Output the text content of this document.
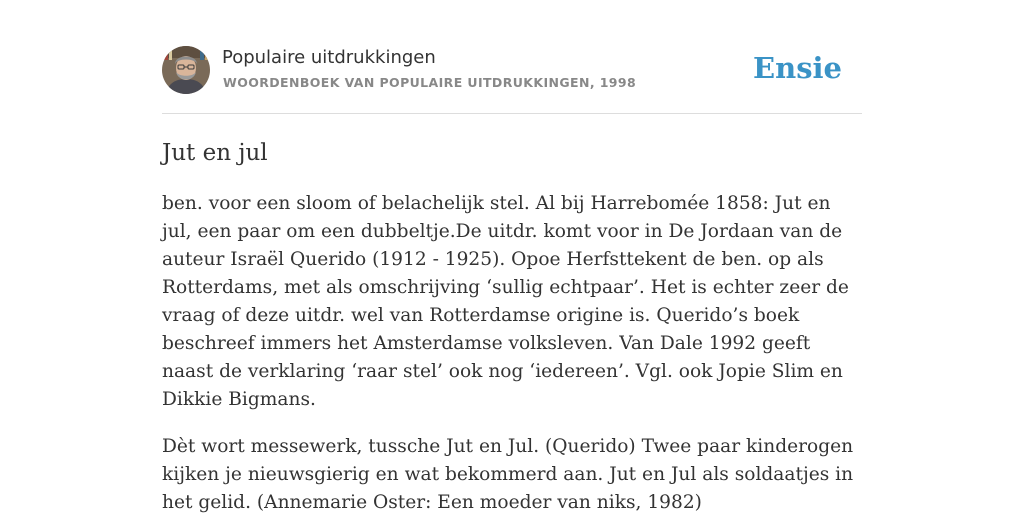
Populaire uitdrukkingen
WOORDENBOEK VAN POPULAIRE UITDRUKKINGEN, 1998	Ensie
Jut en jul

ben. voor een sloom of belachelijk stel. Al bij Harrebomée 1858: Jut en jul, een paar om een dubbeltje.De uitdr. komt voor in De Jordaan van de auteur Israël Querido (1912 - 1925). Opoe Herfsttekent de ben. op als Rotterdams, met als omschrijving ‘sullig echtpaar’. Het is echter zeer de vraag of deze uitdr. wel van Rotterdamse origine is. Querido’s boek beschreef immers het Amsterdamse volksleven. Van Dale 1992 geeft naast de verklaring ‘raar stel’ ook nog ‘iedereen’. Vgl. ook Jopie Slim en Dikkie Bigmans.

Dèt wort messewerk, tussche Jut en Jul. (Querido) Twee paar kinderogen kijken je nieuwsgierig en wat bekommerd aan. Jut en Jul als soldaatjes in het gelid. (Annemarie Oster: Een moeder van niks, 1982)
